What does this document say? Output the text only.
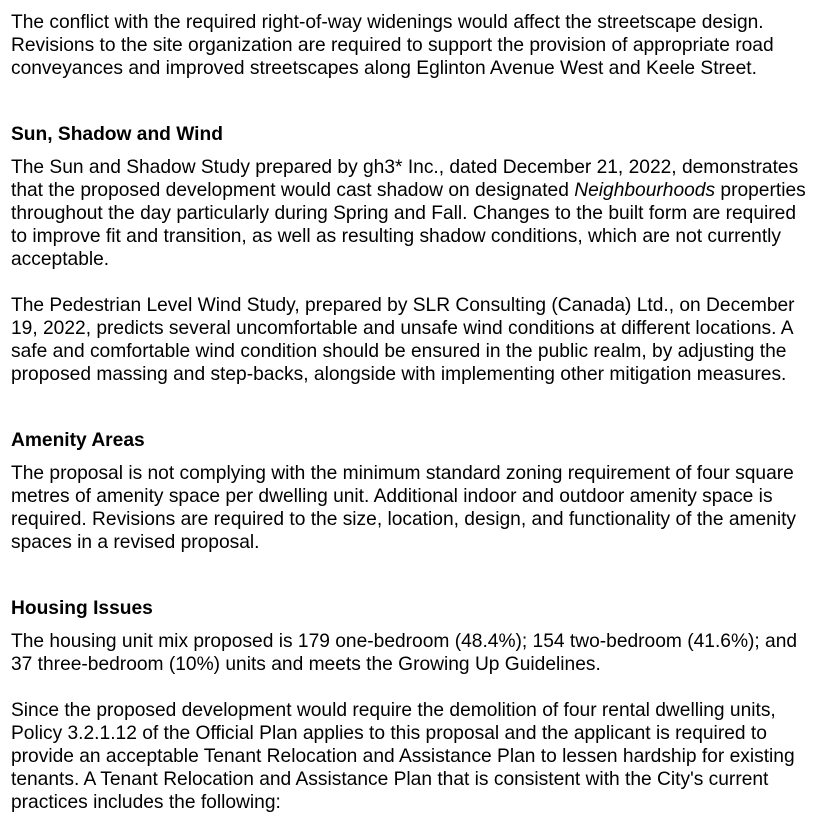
The conflict with the required right-of-way widenings would affect the streetscape design. Revisions to the site organization are required to support the provision of appropriate road conveyances and improved streetscapes along Eglinton Avenue West and Keele Street.

Sun, Shadow and Wind

The Sun and Shadow Study prepared by gh3* Inc., dated December 21, 2022, demonstrates that the proposed development would cast shadow on designated Neighbourhoods properties throughout the day particularly during Spring and Fall. Changes to the built form are required to improve fit and transition, as well as resulting shadow conditions, which are not currently acceptable.

The Pedestrian Level Wind Study, prepared by SLR Consulting (Canada) Ltd., on December 19, 2022, predicts several uncomfortable and unsafe wind conditions at different locations. A safe and comfortable wind condition should be ensured in the public realm, by adjusting the proposed massing and step-backs, alongside with implementing other mitigation measures.

Amenity Areas

The proposal is not complying with the minimum standard zoning requirement of four square metres of amenity space per dwelling unit. Additional indoor and outdoor amenity space is required. Revisions are required to the size, location, design, and functionality of the amenity spaces in a revised proposal.

Housing Issues

The housing unit mix proposed is 179 one-bedroom (48.4%); 154 two-bedroom (41.6%); and 37 three-bedroom (10%) units and meets the Growing Up Guidelines.

Since the proposed development would require the demolition of four rental dwelling units, Policy 3.2.1.12 of the Official Plan applies to this proposal and the applicant is required to provide an acceptable Tenant Relocation and Assistance Plan to lessen hardship for existing tenants. A Tenant Relocation and Assistance Plan that is consistent with the City's current practices includes the following:
